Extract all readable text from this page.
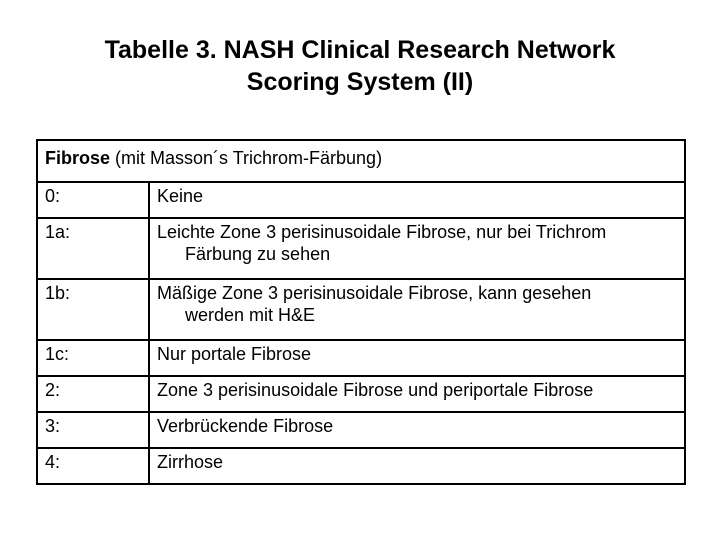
Tabelle 3. NASH Clinical Research Network
Scoring System (II)
Fibrose (mit Masson´s Trichrom-Färbung)	
0:	Keine

1a:	Leichte Zone 3 perisinusoidale Fibrose, nur bei Trichrom
Färbung zu sehen

1b:	Mäßige Zone 3 perisinusoidale Fibrose, kann gesehen
werden mit H&E

1c:	Nur portale Fibrose

2:	Zone 3 perisinusoidale Fibrose und periportale Fibrose

3:	Verbrückende Fibrose

4:	Zirrhose
